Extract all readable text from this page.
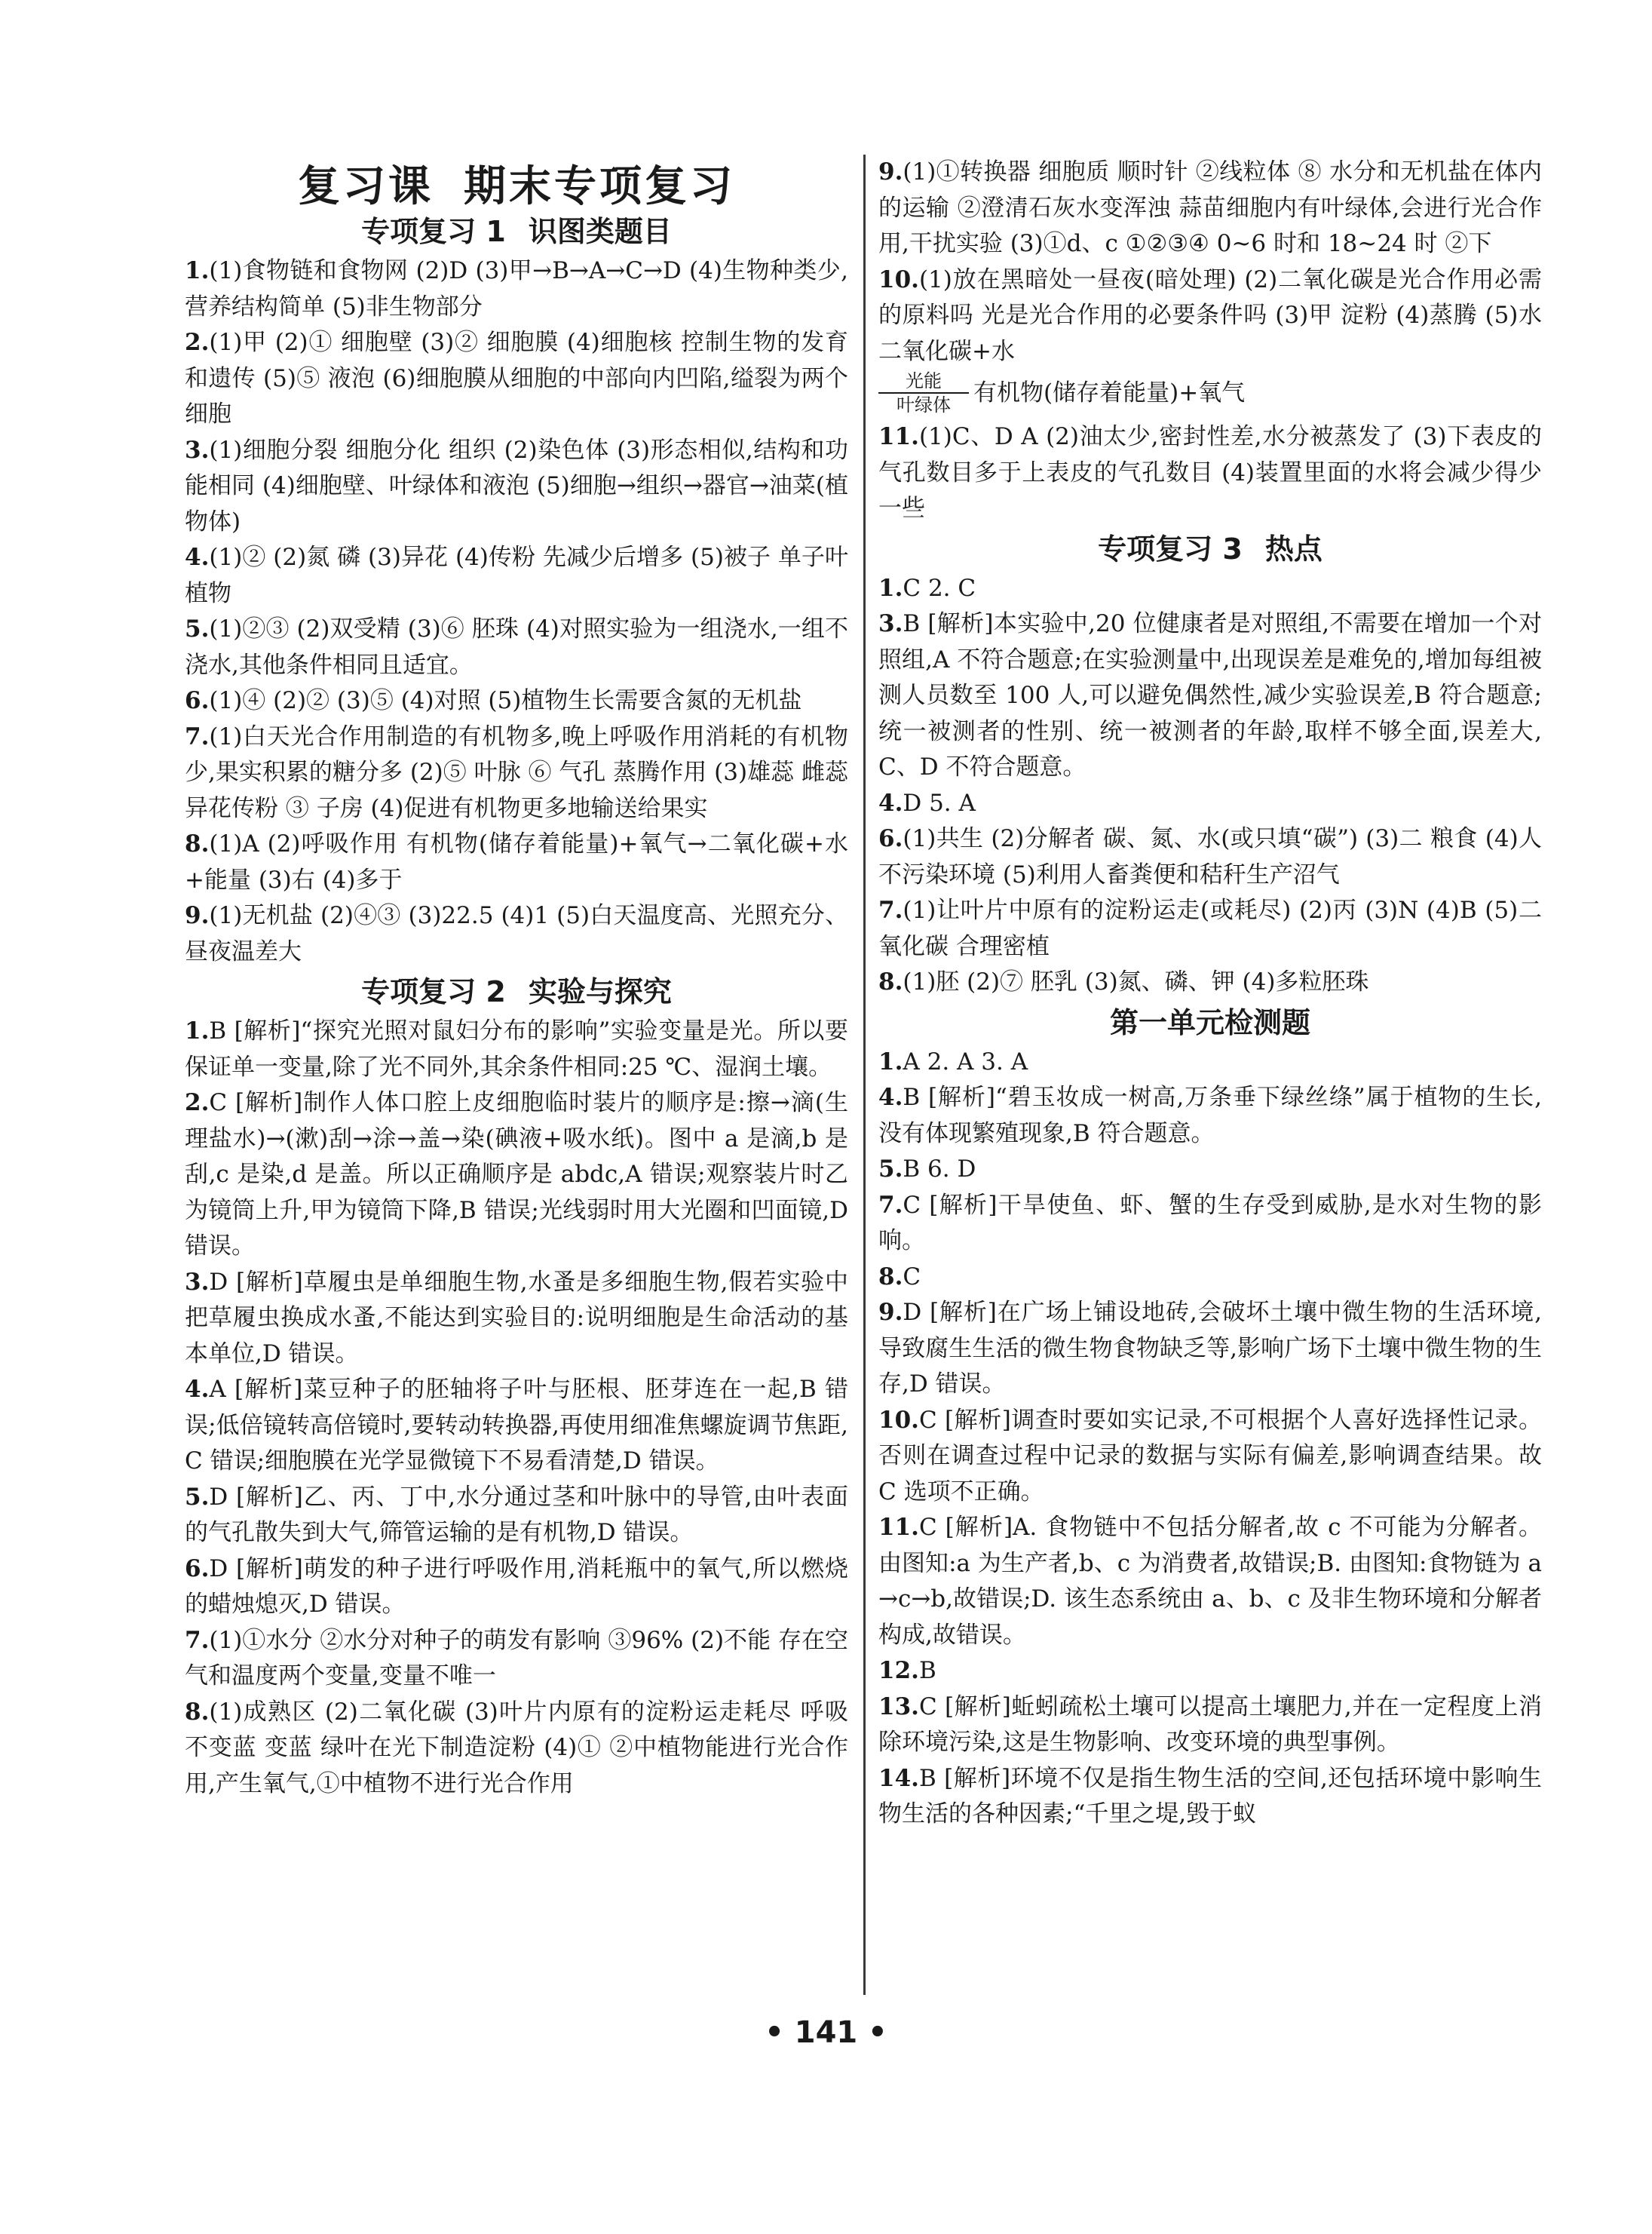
复习课 期末专项复习
专项复习 1 识图类题目

1.(1)食物链和食物网 (2)D (3)甲→B→A→C→D (4)生物种类少,营养结构简单 (5)非生物部分

2.(1)甲 (2)① 细胞壁 (3)② 细胞膜 (4)细胞核 控制生物的发育和遗传 (5)⑤ 液泡 (6)细胞膜从细胞的中部向内凹陷,缢裂为两个细胞

3.(1)细胞分裂 细胞分化 组织 (2)染色体 (3)形态相似,结构和功能相同 (4)细胞壁、叶绿体和液泡 (5)细胞→组织→器官→油菜(植物体)

4.(1)② (2)氮 磷 (3)异花 (4)传粉 先减少后增多 (5)被子 单子叶植物

5.(1)②③ (2)双受精 (3)⑥ 胚珠 (4)对照实验为一组浇水,一组不浇水,其他条件相同且适宜。

6.(1)④ (2)② (3)⑤ (4)对照 (5)植物生长需要含氮的无机盐

7.(1)白天光合作用制造的有机物多,晚上呼吸作用消耗的有机物少,果实积累的糖分多 (2)⑤ 叶脉 ⑥ 气孔 蒸腾作用 (3)雄蕊 雌蕊 异花传粉 ③ 子房 (4)促进有机物更多地输送给果实

8.(1)A (2)呼吸作用 有机物(储存着能量)+氧气→二氧化碳+水+能量 (3)右 (4)多于

9.(1)无机盐 (2)④③ (3)22.5 (4)1 (5)白天温度高、光照充分、昼夜温差大

专项复习 2 实验与探究

1.B [解析]“探究光照对鼠妇分布的影响”实验变量是光。所以要保证单一变量,除了光不同外,其余条件相同:25 ℃、湿润土壤。

2.C [解析]制作人体口腔上皮细胞临时装片的顺序是:擦→滴(生理盐水)→(漱)刮→涂→盖→染(碘液+吸水纸)。图中 a 是滴,b 是刮,c 是染,d 是盖。所以正确顺序是 abdc,A 错误;观察装片时乙为镜筒上升,甲为镜筒下降,B 错误;光线弱时用大光圈和凹面镜,D 错误。

3.D [解析]草履虫是单细胞生物,水蚤是多细胞生物,假若实验中把草履虫换成水蚤,不能达到实验目的:说明细胞是生命活动的基本单位,D 错误。

4.A [解析]菜豆种子的胚轴将子叶与胚根、胚芽连在一起,B 错误;低倍镜转高倍镜时,要转动转换器,再使用细准焦螺旋调节焦距,C 错误;细胞膜在光学显微镜下不易看清楚,D 错误。

5.D [解析]乙、丙、丁中,水分通过茎和叶脉中的导管,由叶表面的气孔散失到大气,筛管运输的是有机物,D 错误。

6.D [解析]萌发的种子进行呼吸作用,消耗瓶中的氧气,所以燃烧的蜡烛熄灭,D 错误。

7.(1)①水分 ②水分对种子的萌发有影响 ③96% (2)不能 存在空气和温度两个变量,变量不唯一

8.(1)成熟区 (2)二氧化碳 (3)叶片内原有的淀粉运走耗尽 呼吸 不变蓝 变蓝 绿叶在光下制造淀粉 (4)① ②中植物能进行光合作用,产生氧气,①中植物不进行光合作用

9.(1)①转换器 细胞质 顺时针 ②线粒体 ⑧ 水分和无机盐在体内的运输 ②澄清石灰水变浑浊 蒜苗细胞内有叶绿体,会进行光合作用,干扰实验 (3)①d、c ①②③④ 0~6 时和 18~24 时 ②下

10.(1)放在黑暗处一昼夜(暗处理) (2)二氧化碳是光合作用必需的原料吗 光是光合作用的必要条件吗 (3)甲 淀粉 (4)蒸腾 (5)水 二氧化碳+水

光能
叶绿体 有机物(储存着能量)+氧气

11.(1)C、D A (2)油太少,密封性差,水分被蒸发了 (3)下表皮的气孔数目多于上表皮的气孔数目 (4)装置里面的水将会减少得少一些

专项复习 3 热点

1.C 2. C

3.B [解析]本实验中,20 位健康者是对照组,不需要在增加一个对照组,A 不符合题意;在实验测量中,出现误差是难免的,增加每组被测人员数至 100 人,可以避免偶然性,减少实验误差,B 符合题意;统一被测者的性别、统一被测者的年龄,取样不够全面,误差大,C、D 不符合题意。

4.D 5. A

6.(1)共生 (2)分解者 碳、氮、水(或只填“碳”) (3)二 粮食 (4)人 不污染环境 (5)利用人畜粪便和秸秆生产沼气

7.(1)让叶片中原有的淀粉运走(或耗尽) (2)丙 (3)N (4)B (5)二氧化碳 合理密植

8.(1)胚 (2)⑦ 胚乳 (3)氮、磷、钾 (4)多粒胚珠

第一单元检测题

1.A 2. A 3. A

4.B [解析]“碧玉妆成一树高,万条垂下绿丝绦”属于植物的生长,没有体现繁殖现象,B 符合题意。

5.B 6. D

7.C [解析]干旱使鱼、虾、蟹的生存受到威胁,是水对生物的影响。

8.C

9.D [解析]在广场上铺设地砖,会破坏土壤中微生物的生活环境,导致腐生生活的微生物食物缺乏等,影响广场下土壤中微生物的生存,D 错误。

10.C [解析]调查时要如实记录,不可根据个人喜好选择性记录。否则在调查过程中记录的数据与实际有偏差,影响调查结果。故 C 选项不正确。

11.C [解析]A. 食物链中不包括分解者,故 c 不可能为分解者。由图知:a 为生产者,b、c 为消费者,故错误;B. 由图知:食物链为 a→c→b,故错误;D. 该生态系统由 a、b、c 及非生物环境和分解者构成,故错误。

12.B

13.C [解析]蚯蚓疏松土壤可以提高土壤肥力,并在一定程度上消除环境污染,这是生物影响、改变环境的典型事例。

14.B [解析]环境不仅是指生物生活的空间,还包括环境中影响生物生活的各种因素;“千里之堤,毁于蚁

• 141 •
